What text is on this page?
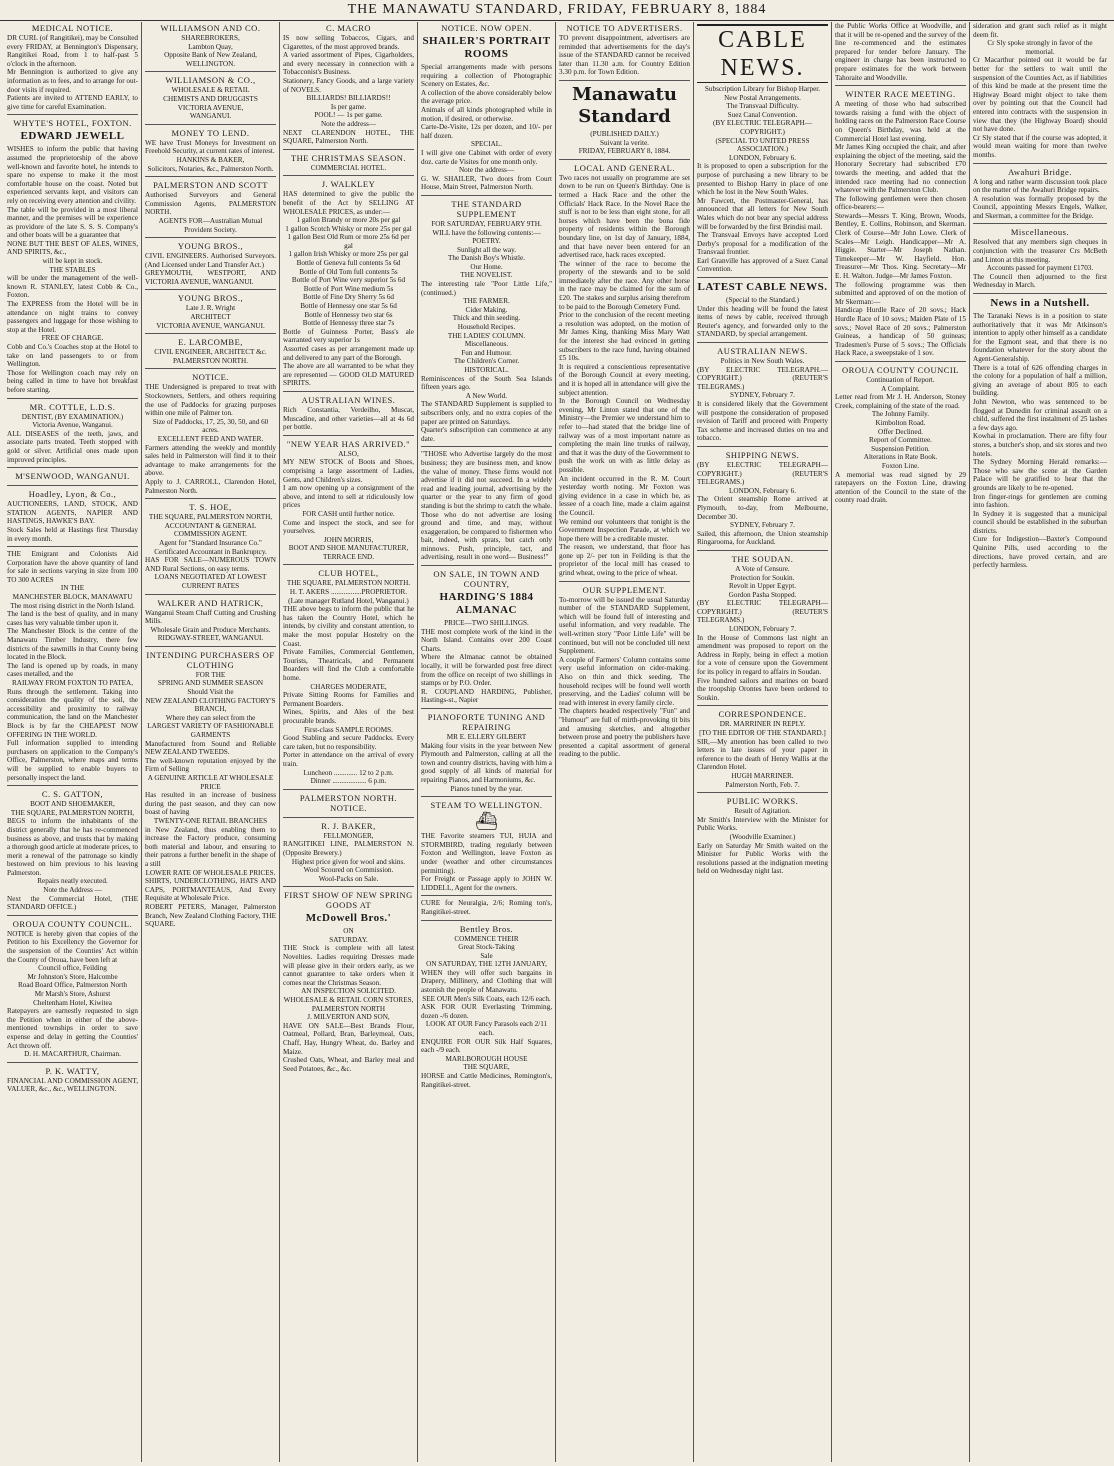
THE MANAWATU STANDARD, FRIDAY, FEBRUARY 8, 1884
MEDICAL NOTICE.

DR CURL (of Rangitikei), may be Consulted every FRIDAY, at Bennington's Dispensary, Rangitikei Road, from 1 to half-past 5 o'clock in the afternoon.

Mr Bennington is authorized to give any information as to fees, and to arrange for out-door visits if required.

Patients are invited to ATTEND EARLY, to give time for careful Examination.

WHYTE'S HOTEL, FOXTON.
EDWARD JEWELL

WISHES to inform the public that having assumed the proprietorship of the above well-known and favorite hotel, he intends to spare no expense to make it the most comfortable house on the coast. Noted but experienced servants kept, and visitors can rely on receiving every attention and civility.

The table will be provided in a most liberal manner, and the premises will be experience as providore of the late S. S. S. Company's and other boats will be a guarantee that

NONE BUT THE BEST OF ALES, WINES, AND SPIRITS, &c.,

will be kept in stock.

THE STABLES

will be under the management of the well-known R. STANLEY, latest Cobb & Co., Foxton.

The EXPRESS from the Hotel will be in attendance on night trains to convey passengers and luggage for those wishing to stop at the Hotel.

FREE OF CHARGE.

Cobb and Co.'s Coaches stop at the Hotel to take on land passengers to or from Wellington.

Those for Wellington coach may rely on being called in time to have hot breakfast before starting.

MR. COTTLE, L.D.S.

DENTIST, (BY EXAMINATION.)

Victoria Avenue, Wanganui.

ALL DISEASES of the teeth, jaws, and associate parts treated. Teeth stopped with gold or silver. Artificial ones made upon improved principles.

M'SENWOOD, WANGANUI.
Hoadley, Lyon, & Co.,

AUCTIONEERS, LAND, STOCK, AND STATION AGENTS, NAPIER AND HASTINGS, HAWKE'S BAY.

Stock Sales held at Hastings first Thursday in every month.

THE Emigrant and Colonists Aid Corporation have the above quantity of land for sale in sections varying in size from 100 TO 300 ACRES

IN THE

MANCHESTER BLOCK, MANAWATU

The most rising district in the North Island.

The land is the best of quality, and in many cases has very valuable timber upon it.

The Manchester Block is the centre of the Manawatu Timber Industry, there few districts of the sawmills in that County being located in the Block.

The land is opened up by roads, in many cases metalled, and the

RAILWAY FROM FOXTON TO PATEA,

Runs through the settlement. Taking into consideration the quality of the soil, the accessibility and proximity to railway communication, the land on the Manchester Block is by far the CHEAPEST NOW OFFERING IN THE WORLD.

Full information supplied to intending purchasers on application to the Company's Office, Palmerston, where maps and terms will be supplied to enable buyers to personally inspect the land.

C. S. GATTON,

BOOT AND SHOEMAKER,

THE SQUARE, PALMERSTON NORTH,

BEGS to inform the inhabitants of the district generally that he has re-commenced business as above, and trusts that by making a thorough good article at moderate prices, to merit a renewal of the patronage so kindly bestowed on him previous to his leaving Palmerston.

Repairs neatly executed.

Note the Address —

Next the Commercial Hotel, (THE STANDARD OFFICE.)

OROUA COUNTY COUNCIL.

NOTICE is hereby given that copies of the Petition to his Excellency the Governor for the suspension of the Counties' Act within the County of Oroua, have been left at

Council office, Feilding

Mr Johnston's Store, Halcombe

Road Board Office, Palmerston North

Mr Marsh's Store, Ashurst

Cheltenham Hotel, Kiwitea

Ratepayers are earnestly requested to sign the Petition when in either of the above-mentioned townships in order to save expense and delay in getting the Counties' Act thrown off.

D. H. MACARTHUR, Chairman.

P. K. WATTY,

FINANCIAL AND COMMISSION AGENT, VALUER, &c., &c., WELLINGTON.

WILLIAMSON AND CO.

SHAREBROKERS,

Lambton Quay,

Opposite Bank of New Zealand, WELLINGTON.

WILLIAMSON & CO.,

WHOLESALE & RETAIL

CHEMISTS AND DRUGGISTS

VICTORIA AVENUE,

WANGANUI.

MONEY TO LEND.

WE have Trust Moneys for Investment on Freehold Security, at current rates of interest.

HANKINS & BAKER,

Solicitors, Notaries, &c., Palmerston North.

PALMERSTON AND SCOTT

Authorised Surveyors and General Commission Agents, PALMERSTON NORTH.

AGENTS FOR—Australian Mutual Provident Society.

YOUNG BROS.,

CIVIL ENGINEERS. Authorised Surveyors. (And Licensed under Land Transfer Act.)

GREYMOUTH, WESTPORT, AND VICTORIA AVENUE, WANGANUI.

YOUNG BROS.,

Late J. R. Wright

ARCHITECT

VICTORIA AVENUE, WANGANUI.

E. LARCOMBE,

CIVIL ENGINEER, ARCHITECT &c.

PALMERSTON NORTH.

NOTICE.

THE Undersigned is prepared to treat with Stockowners, Settlers, and others requiring the use of Paddocks for grazing purposes within one mile of Palmer ton.

Size of Paddocks, 17, 25, 30, 50, and 60 acres.

EXCELLENT FEED AND WATER.

Farmers attending the weekly and monthly sales held in Palmerston will find it to their advantage to make arrangements for the above.

Apply to J. CARROLL, Clarendon Hotel, Palmerston North.

T. S. HOE,

THE SQUARE, PALMERSTON NORTH,

ACCOUNTANT & GENERAL COMMISSION AGENT.

Agent for "Standard Insurance Co."

Certificated Accountant in Bankruptcy.

HAS FOR SALE—NUMEROUS TOWN AND Rural Sections, on easy terms.

LOANS NEGOTIATED AT LOWEST CURRENT RATES

WALKER AND HATRICK,

Wanganui Steam Chaff Cutting and Crushing Mills.

Wholesale Grain and Produce Merchants.

RIDGWAY-STREET, WANGANUI.

INTENDING PURCHASERS OF CLOTHING

FOR THE

SPRING AND SUMMER SEASON

Should Visit the

NEW ZEALAND CLOTHING FACTORY'S BRANCH,

Where they can select from the

LARGEST VARIETY OF FASHIONABLE GARMENTS

Manufactured from Sound and Reliable NEW ZEALAND TWEEDS.

The well-known reputation enjoyed by the Firm of Selling

A GENUINE ARTICLE AT WHOLESALE PRICE

Has resulted in an increase of business during the past season, and they can now boast of having

TWENTY-ONE RETAIL BRANCHES

in New Zealand, thus enabling them to increase the Factory produce, consuming both material and labour, and ensuring to their patrons a further benefit in the shape of a still

LOWER RATE OF WHOLESALE PRICES.

SHIRTS, UNDERCLOTHING, HATS AND CAPS, PORTMANTEAUS, And Every Requisite at Wholesale Price.

ROBERT PETERS, Manager, Palmerston Branch, New Zealand Clothing Factory, THE SQUARE.

C. MACRO

IS now selling Tobaccos, Cigars, and Cigarettes, of the most approved brands.

A varied assortment of Pipes, Cigarholders, and every necessary in connection with a Tobacconist's Business.

Stationery, Fancy Goods, and a large variety of NOVELS.

BILLIARDS! BILLIARDS!!

Is per game.

POOL! — 1s per game.

Note the address—

NEXT CLARENDON HOTEL, THE SQUARE, Palmerston North.

THE CHRISTMAS SEASON.

COMMERCIAL HOTEL.

J. WALKLEY

HAS determined to give the public the benefit of the Act by SELLING AT WHOLESALE PRICES, as under:—

1 gallon Brandy or more 20s per gal

1 gallon Scotch Whisky or more 25s per gal

1 gallon Best Old Rum or more 25s 6d per gal

1 gallon Irish Whisky or more 25s per gal

Bottle of Geneva full contents 5s 6d

Bottle of Old Tom full contents 5s

Bottle of Port Wine very superior 5s 6d

Bottle of Port Wine medium 5s

Bottle of Fine Dry Sherry 5s 6d

Bottle of Hennessy one star 5s 6d

Bottle of Hennessy two star 6s

Bottle of Hennessy three star 7s

Bottle of Guinness Porter, Bass's ale warranted very superior 1s

Assorted cases as per arrangement made up and delivered to any part of the Borough.

The above are all warranted to be what they are represented — GOOD OLD MATURED SPIRITS.

AUSTRALIAN WINES.

Rich Constantia, Verdeilho, Muscat, Muscadine, and other varieties—all at 4s 6d per bottle.

"NEW YEAR HAS ARRIVED."

ALSO,

MY NEW STOCK of Boots and Shoes, comprising a large assortment of Ladies, Gents, and Children's sizes.

I am now opening up a consignment of the above, and intend to sell at ridiculously low prices

FOR CASH until further notice.

Come and inspect the stock, and see for yourselves.

JOHN MORRIS,

BOOT AND SHOE MANUFACTURER, TERRACE END.

CLUB HOTEL,

THE SQUARE, PALMERSTON NORTH.

H. T. AKERS .................PROPRIETOR.

(Late manager Rutland Hotel, Wanganui.)

THE above begs to inform the public that he has taken the Country Hotel, which he intends, by civility and constant attention, to make the most popular Hostelry on the Coast.

Private Families, Commercial Gentlemen, Tourists, Theatricals, and Permanent Boarders will find the Club a comfortable home.

CHARGES MODERATE,

Private Sitting Rooms for Families and Permanent Boarders.

Wines, Spirits, and Ales of the best procurable brands.

First-class SAMPLE ROOMS.

Good Stabling and secure Paddocks. Every care taken, but no responsibility.

Porter in attendance on the arrival of every train.

Luncheon ............. 12 to 2 p.m.

Dinner ................... 6 p.m.

PALMERSTON NORTH. NOTICE.
R. J. BAKER,

FELLMONGER,

RANGITIKEI LINE, PALMERSTON N. (Opposite Brewery.)

Highest price given for wool and skins.

Wool Scoured on Commission.

Wool-Packs on Sale.

FIRST SHOW OF NEW SPRING GOODS AT
McDowell Bros.'

ON

SATURDAY.

THE Stock is complete with all latest Novelties. Ladies requiring Dresses made will please give in their orders early, as we cannot guarantee to take orders when it comes near the Christmas Season.

AN INSPECTION SOLICITED.

WHOLESALE & RETAIL CORN STORES,

PALMERSTON NORTH

J. MILVERTON AND SON,

HAVE ON SALE—Best Brands Flour, Oatmeal, Pollard, Bran, Barleymeal, Oats, Chaff, Hay, Hungry Wheat, do. Barley and Maize.

Crushed Oats, Wheat, and Barley meal and Seed Potatoes, &c., &c.

NOTICE. NOW OPEN.
SHAILER'S PORTRAIT ROOMS

Special arrangements made with persons requiring a collection of Photographic Scenery on Estates, &c.

A collection of the above considerably below the average price.

Animals of all kinds photographed while in motion, if desired, or otherwise.

Carte-De-Visite, 12s per dozen, and 10/- per half dozen.

SPECIAL.

I will give one Cabinet with order of every doz. carte de Visites for one month only.

Note the address—

G. W. SHAILER, Two doors from Court House, Main Street, Palmerston North.

THE STANDARD SUPPLEMENT

FOR SATURDAY, FEBRUARY 9TH.

WILL have the following contents:—

POETRY.

Sunlight all the way.

The Danish Boy's Whistle.

Our Home.

THE NOVELIST.

The interesting tale "Poor Little Life," (continued.)

THE FARMER.

Cider Making.

Thick and thin seeding.

Household Recipes.

THE LADIES' COLUMN.

Miscellaneous.

Fun and Humour.

The Children's Corner.

HISTORICAL.

Reminiscences of the South Sea Islands fifteen years ago.

A New World.

The STANDARD Supplement is supplied to subscribers only, and no extra copies of the paper are printed on Saturdays.

Quarter's subscription can commence at any date.

"THOSE who Advertise largely do the most business; they are business men, and know the value of money. These firms would not advertise if it did not succeed. In a widely read and leading journal, advertising by the quarter or the year to any firm of good standing is but the shrimp to catch the whale. Those who do not advertise are losing ground and time, and may, without exaggeration, be compared to fishermen who bait, indeed, with sprats, but catch only minnows. Push, principle, tact, and advertising, result in one word— Business!"

ON SALE, IN TOWN AND COUNTRY,
HARDING'S 1884 ALMANAC

PRICE—TWO SHILLINGS.

THE most complete work of the kind in the North Island. Contains over 200 Coast Charts.

Where the Almanac cannot be obtained locally, it will be forwarded post free direct from the office on receipt of two shillings in stamps or by P.O. Order.

R. COUPLAND HARDING, Publisher, Hastings-st., Napier

PIANOFORTE TUNING AND REPAIRING

MR E. ELLERY GILBERT

Making four visits in the year between New Plymouth and Palmerston, calling at all the town and country districts, having with him a good supply of all kinds of material for repairing Pianos, and Harmoniums, &c.

Pianos tuned by the year.

STEAM TO WELLINGTON.
⛴

THE Favorite steamers TUI, HUIA and STORMBIRD, trading regularly between Foxton and Wellington, leave Foxton as under (weather and other circumstances permitting).

For Freight or Passage apply to JOHN W. LIDDELL, Agent for the owners.

CURE for Neuralgia, 2/6; Roming ton's, Rangitikei-street.

Bentley Bros.

COMMENCE THEIR

Great Stock-Taking

Sale

ON SATURDAY, THE 12TH JANUARY,

WHEN they will offer such bargains in Drapery, Millinery, and Clothing that will astonish the people of Manawatu.

SEE OUR Men's Silk Coats, each 12/6 each.

ASK FOR OUR Everlasting Trimming, dozen -/6 dozen.

LOOK AT OUR Fancy Parasols each 2/11 each.

ENQUIRE FOR OUR Silk Half Squares, each -/9 each.

MARLBOROUGH HOUSE

THE SQUARE,

HORSE and Cattle Medicines, Remington's, Rangitikei-street.

NOTICE TO ADVERTISERS.

TO prevent disappointment, advertisers are reminded that advertisements for the day's issue of the STANDARD cannot be received later than 11.30 a.m. for Country Edition 3.30 p.m. for Town Edition.

Manawatu Standard

(PUBLISHED DAILY.)

Suivant la verite.

FRIDAY, FEBRUARY 8, 1884.

LOCAL AND GENERAL.

Two races not usually on programme are set down to be run on Queen's Birthday. One is termed a Hack Race and the other the Officials' Hack Race. In the Novel Race the stuff is not to be less than eight stone, for all horses which have been the bona fide property of residents within the Borough boundary line, on 1st day of January, 1884, and that have never been entered for an advertised race, hack races excepted.

The winner of the race to become the property of the stewards and to be sold immediately after the race. Any other horse in the race may be claimed for the sum of £20. The stakes and surplus arising therefrom to be paid to the Borough Cemetery Fund.

Prior to the conclusion of the recent meeting a resolution was adopted, on the motion of Mr James King, thanking Miss Mary Watt for the interest she had evinced in getting subscribers to the race fund, having obtained £5 10s.

It is required a conscientious representative of the Borough Council at every meeting, and it is hoped all in attendance will give the subject attention.

In the Borough Council on Wednesday evening, Mr Linton stated that one of the Ministry—the Premier we understand him to refer to—had stated that the bridge line of railway was of a most important nature as completing the main line trunks of railway, and that it was the duty of the Government to push the work on with as little delay as possible.

An incident occurred in the R. M. Court yesterday worth noting. Mr Foxton was giving evidence in a case in which he, as lessee of a coach line, made a claim against the Council.

We remind our volunteers that tonight is the Government Inspection Parade, at which we hope there will be a creditable muster.

The reason, we understand, that floor has gone up 2/- per ton in Feilding is that the proprietor of the local mill has ceased to grind wheat, owing to the price of wheat.

OUR SUPPLEMENT.

To-morrow will be issued the usual Saturday number of the STANDARD Supplement, which will be found full of interesting and useful information, and very readable. The well-written story "Poor Little Life" will be continued, but will not be concluded till next Supplement.

A couple of Farmers' Column contains some very useful information on cider-making. Also on thin and thick seeding. The household recipes will be found well worth preserving, and the Ladies' column will be read with interest in every family circle.

The chapters headed respectively "Fun" and "Humour" are full of mirth-provoking tit bits and amusing sketches, and altogether between prose and poetry the publishers have presented a capital assortment of general reading to the public.

CABLE NEWS.

Subscription Library for Bishop Harper.

New Postal Arrangements.

The Transvaal Difficulty.

Suez Canal Convention.

(BY ELECTRIC TELEGRAPH—COPYRIGHT.)

(SPECIAL TO UNITED PRESS ASSOCIATION.)

LONDON, February 6.

It is proposed to open a subscription for the purpose of purchasing a new library to be presented to Bishop Harry in place of one which he lost in the New South Wales.

Mr Fawcett, the Postmaster-General, has announced that all letters for New South Wales which do not bear any special address will be forwarded by the first Brindisi mail.

The Transvaal Envoys have accepted Lord Derby's proposal for a modification of the Transvaal frontier.

Earl Granville has approved of a Suez Canal Convention.

LATEST CABLE NEWS.

(Special to the Standard.)

Under this heading will be found the latest items of news by cable, received through Reuter's agency, and forwarded only to the STANDARD, by special arrangement.

AUSTRALIAN NEWS.

Politics in New South Wales.

(BY ELECTRIC TELEGRAPH.—COPYRIGHT.) (REUTER'S TELEGRAMS.)

SYDNEY, February 7.

It is considered likely that the Government will postpone the consideration of proposed revision of Tariff and proceed with Property Tax scheme and increased duties on tea and tobacco.

SHIPPING NEWS.

(BY ELECTRIC TELEGRAPH—COPYRIGHT.) (REUTER'S TELEGRAMS.)

LONDON, February 6.

The Orient steamship Rome arrived at Plymouth, to-day, from Melbourne, December 30.

SYDNEY, February 7.

Sailed, this afternoon, the Union steamship Ringarooma, for Auckland.

THE SOUDAN.

A Vote of Censure.

Protection for Soukin.

Revolt in Upper Egypt.

Gordon Pasha Stopped.

(BY ELECTRIC TELEGRAPH—COPYRIGHT.) (REUTER'S TELEGRAMS.)

LONDON, February 7.

In the House of Commons last night an amendment was proposed to report on the Address in Reply, being in effect a motion for a vote of censure upon the Government for its policy in regard to affairs in Soudan.

Five hundred sailors and marines on board the troopship Orontes have been ordered to Soukin.

CORRESPONDENCE.

DR. MARRINER IN REPLY.

[TO THE EDITOR OF THE STANDARD.]

SIR,—My attention has been called to two letters in late issues of your paper in reference to the death of Henry Wallis at the Clarendon Hotel.

HUGH MARRINER.

Palmerston North, Feb. 7.

PUBLIC WORKS.

Result of Agitation.

Mr Smith's Interview with the Minister for Public Works.

(Woodville Examiner.)

Early on Saturday Mr Smith waited on the Minister for Public Works with the resolutions passed at the indignation meeting held on Wednesday night last.

the Public Works Office at Woodville, and that it will be re-opened and the survey of the line re-commenced and the estimates prepared for tender before January. The engineer in charge has been instructed to prepare estimates for the work between Tahoraite and Woodville.

WINTER RACE MEETING.

A meeting of those who had subscribed towards raising a fund with the object of holding races on the Palmerston Race Course on Queen's Birthday, was held at the Commercial Hotel last evening.

Mr James King occupied the chair, and after explaining the object of the meeting, said the Honorary Secretary had subscribed £70 towards the meeting, and added that the intended race meeting had no connection whatever with the Palmerston Club.

The following gentlemen were then chosen office-bearers:—

Stewards—Messrs T. King, Brown, Woods, Bentley, E. Collins, Robinson, and Skerman. Clerk of Course—Mr John Lowe. Clerk of Scales—Mr Leigh. Handicapper—Mr A. Higgie. Starter—Mr Joseph Nathan. Timekeeper—Mr W. Hayfield. Hon. Treasurer—Mr Thos. King. Secretary—Mr E. H. Walton. Judge—Mr James Foxton.

The following programme was then submitted and approved of on the motion of Mr Skerman:—

Handicap Hurdle Race of 20 sovs.; Hack Hurdle Race of 10 sovs.; Maiden Plate of 15 sovs.; Novel Race of 20 sovs.; Palmerston Guineas, a handicap of 50 guineas; Tradesmen's Purse of 5 sovs.; The Officials Hack Race, a sweepstake of 1 sov.

OROUA COUNTY COUNCIL

Continuation of Report.

A Complaint.

Letter read from Mr J. H. Anderson, Stoney Creek, complaining of the state of the road.

The Johnny Family.

Kimbolton Road.

Offer Declined.

Report of Committee.

Suspension Petition.

Alterations in Rate Book.

Foxton Line.

A memorial was read signed by 29 ratepayers on the Foxton Line, drawing attention of the Council to the state of the county road drain.

sideration and grant such relief as it might deem fit.

Cr Sly spoke strongly in favor of the memorial.

Cr Macarthur pointed out it would be far better for the settlers to wait until the suspension of the Counties Act, as if liabilities of this kind be made at the present time the Highway Board might object to take them over by pointing out that the Council had entered into contracts with the suspension in view that they (the Highway Board) should not have done.

Cr Sly stated that if the course was adopted, it would mean waiting for more than twelve months.

Awahuri Bridge.

A long and rather warm discussion took place on the matter of the Awahuri Bridge repairs.

A resolution was formally proposed by the Council, appointing Messrs Engels, Walker, and Skerman, a committee for the Bridge.

Miscellaneous.

Resolved that any members sign cheques in conjunction with the treasurer Crs McBeth and Linton at this meeting.

Accounts passed for payment £1703.

The Council then adjourned to the first Wednesday in March.

News in a Nutshell.

The Taranaki News is in a position to state authoritatively that it was Mr Atkinson's intention to apply other himself as a candidate for the Egmont seat, and that there is no foundation whatever for the story about the Agent-Generalship.

There is a total of 626 offending charges in the colony for a population of half a million, giving an average of about 805 to each building.

John Newton, who was sentenced to be flogged at Dunedin for criminal assault on a child, suffered the first instalment of 25 lashes a few days ago.

Kowhai in proclamation. There are fifty four stores, a butcher's shop, and six stores and two hotels.

The Sydney Morning Herald remarks:— Those who saw the scene at the Garden Palace will be gratified to hear that the grounds are likely to be re-opened.

Iron finger-rings for gentlemen are coming into fashion.

In Sydney it is suggested that a municipal council should be established in the suburban districts.

Cure for Indigestion—Baxter's Compound Quinine Pills, used according to the directions, have proved certain, and are perfectly harmless.
